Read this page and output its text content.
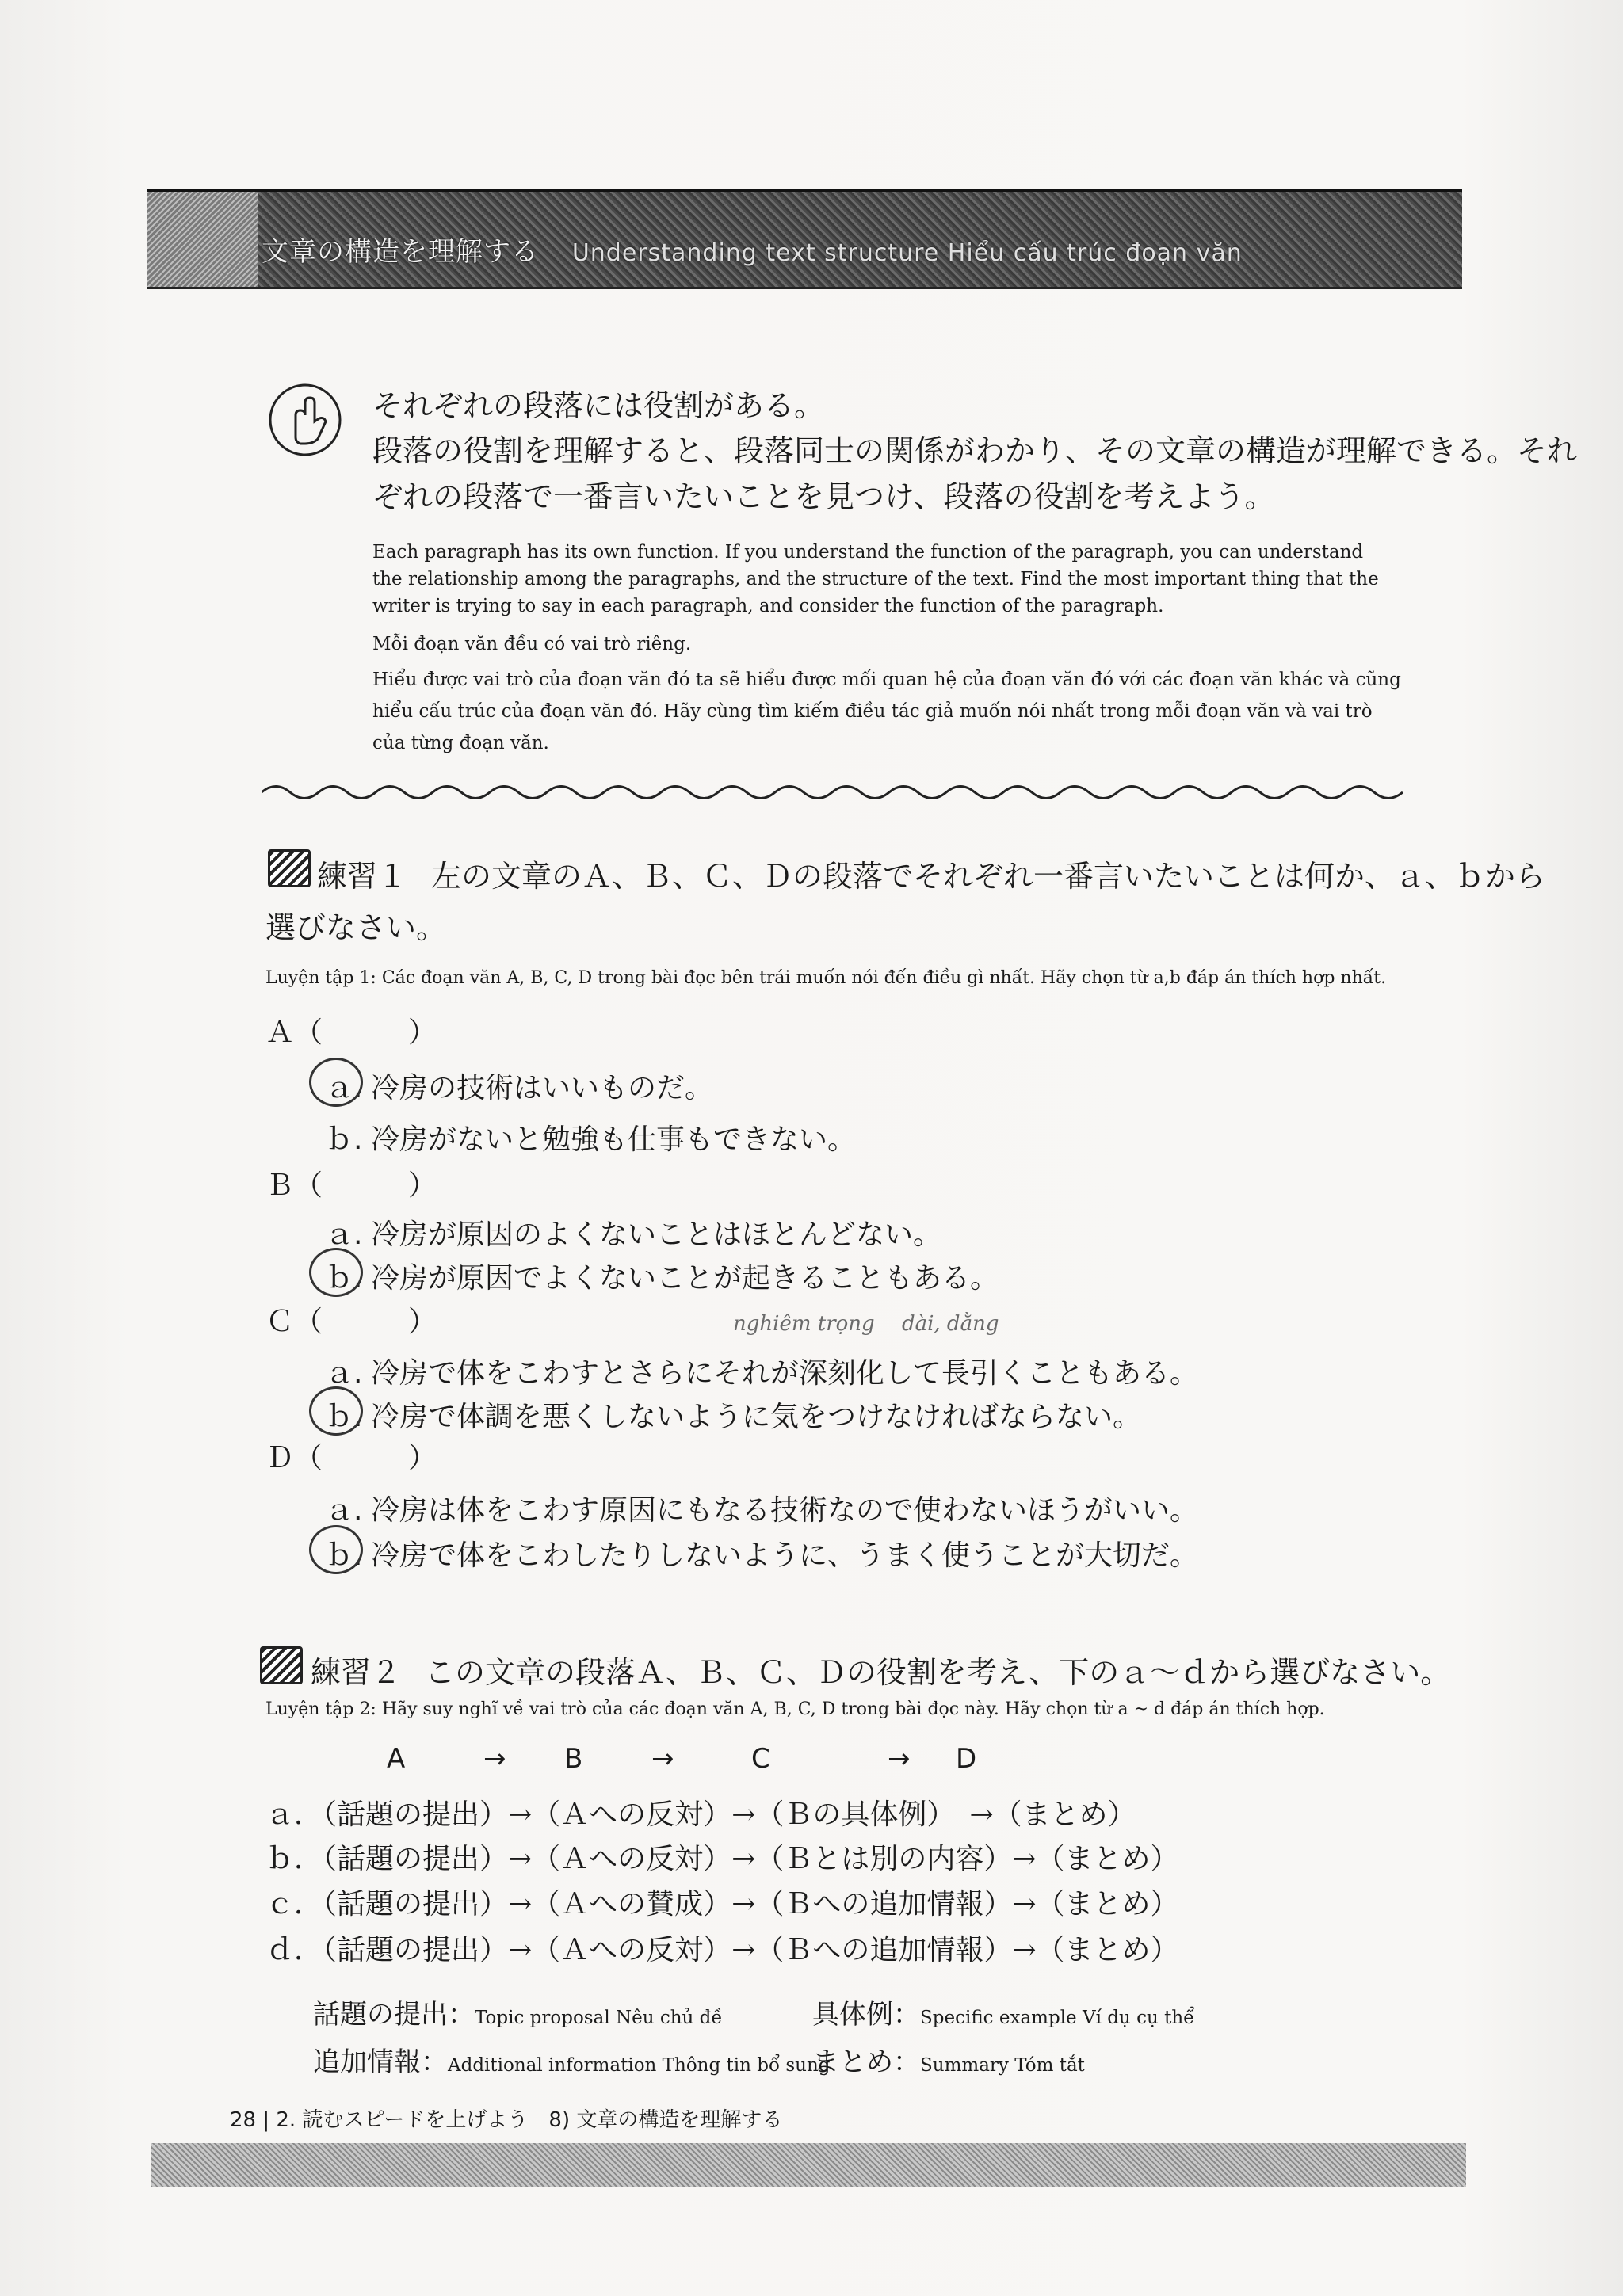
文章の構造を理解する Understanding text structure Hiểu cấu trúc đoạn văn
それぞれの段落には役割がある。
段落の役割を理解すると、段落同士の関係がわかり、その文章の構造が理解できる。それ
ぞれの段落で一番言いたいことを見つけ、段落の役割を考えよう。
Each paragraph has its own function. If you understand the function of the paragraph, you can understand the relationship among the paragraphs, and the structure of the text. Find the most important thing that the writer is trying to say in each paragraph, and consider the function of the paragraph.
Mỗi đoạn văn đều có vai trò riêng.
Hiểu được vai trò của đoạn văn đó ta sẽ hiểu được mối quan hệ của đoạn văn đó với các đoạn văn khác và cũng hiểu cấu trúc của đoạn văn đó. Hãy cùng tìm kiếm điều tác giả muốn nói nhất trong mỗi đoạn văn và vai trò của từng đoạn văn.
練習１ 左の文章のＡ、Ｂ、Ｃ、Ｄの段落でそれぞれ一番言いたいことは何か、ａ、ｂから
選びなさい。
Luyện tập 1: Các đoạn văn A, B, C, D trong bài đọc bên trái muốn nói đến điều gì nhất. Hãy chọn từ a,b đáp án thích hợp nhất.
Ａ（　　　）
ａ. 冷房の技術はいいものだ。
ｂ. 冷房がないと勉強も仕事もできない。
Ｂ（　　　）
ａ. 冷房が原因のよくないことはほとんどない。
ｂ. 冷房が原因でよくないことが起きることもある。
Ｃ（　　　）	nghiêm trọng 　dài, dằng
ａ. 冷房で体をこわすとさらにそれが深刻化して長引くこともある。
ｂ. 冷房で体調を悪くしないように気をつけなければならない。
Ｄ（　　　）
ａ. 冷房は体をこわす原因にもなる技術なので使わないほうがいい。
ｂ. 冷房で体をこわしたりしないように、うまく使うことが大切だ。
練習２ この文章の段落Ａ、Ｂ、Ｃ、Ｄの役割を考え、下のａ～ｄから選びなさい。
Luyện tập 2: Hãy suy nghĩ về vai trò của các đoạn văn A, B, C, D trong bài đọc này. Hãy chọn từ a ~ d đáp án thích hợp.
A	→ B	→	C	→ D
ａ．（話題の提出）→（Ａへの反対）→（Ｂの具体例）　→（まとめ）
ｂ．（話題の提出）→（Ａへの反対）→（Ｂとは別の内容）→（まとめ）
ｃ．（話題の提出）→（Ａへの賛成）→（Ｂへの追加情報）→（まとめ）
ｄ．（話題の提出）→（Ａへの反対）→（Ｂへの追加情報）→（まとめ）
話題の提出：Topic proposal Nêu chủ đề	具体例：Specific example Ví dụ cụ thể
追加情報：Additional information Thông tin bổ sung
まとめ：Summary Tóm tắt
28 | 2. 読むスピードを上げよう　8) 文章の構造を理解する
